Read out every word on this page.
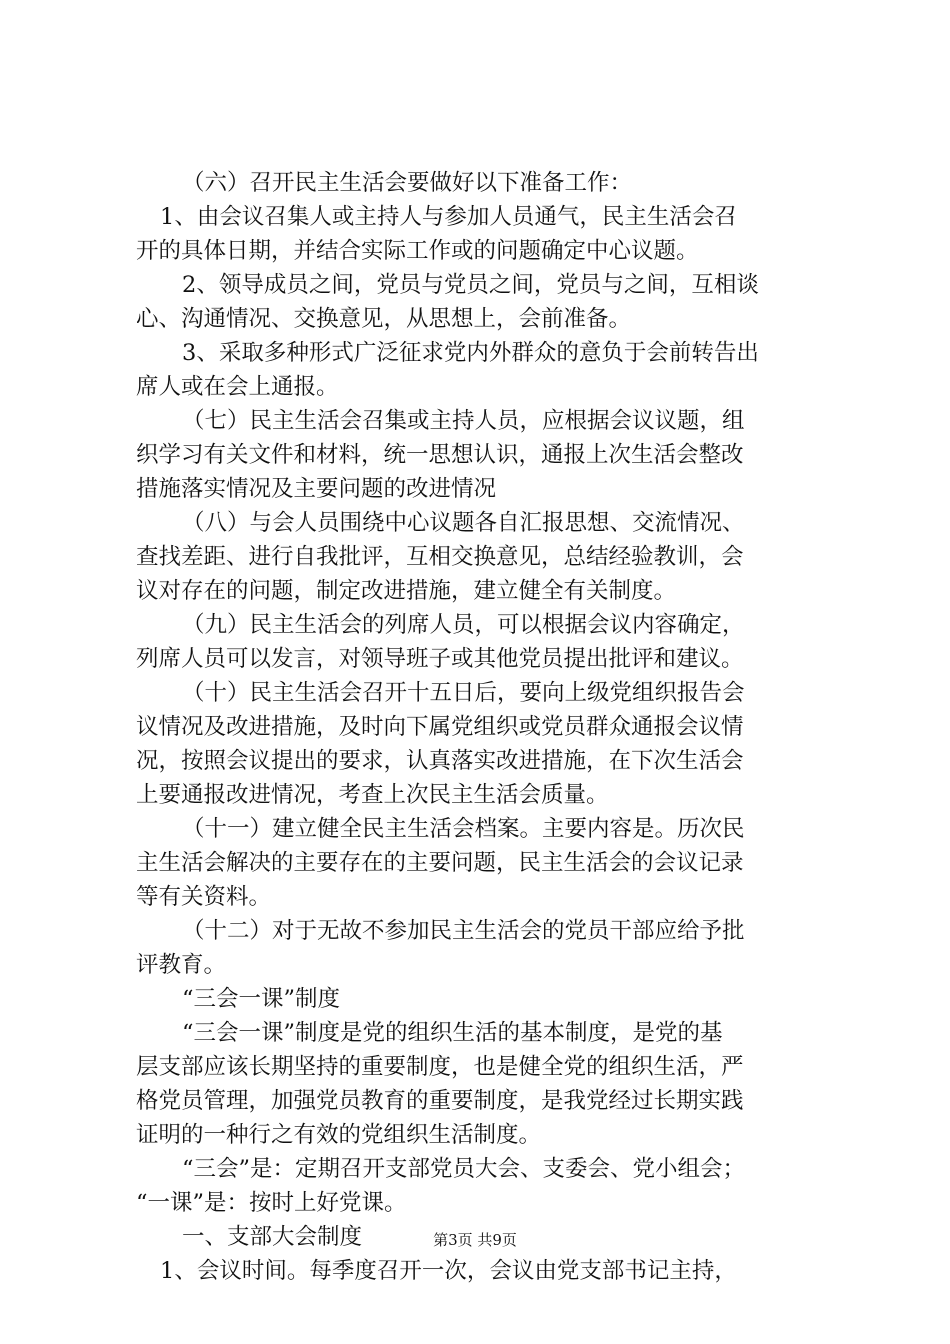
（六）召开民主生活会要做好以下准备工作：
1、由会议召集人或主持人与参加人员通气，民主生活会召
开的具体日期，并结合实际工作或的问题确定中心议题。
2、领导成员之间，党员与党员之间，党员与之间，互相谈
心、沟通情况、交换意见，从思想上，会前准备。
3、采取多种形式广泛征求党内外群众的意负于会前转告出
席人或在会上通报。
（七）民主生活会召集或主持人员，应根据会议议题，组
织学习有关文件和材料，统一思想认识，通报上次生活会整改
措施落实情况及主要问题的改进情况
（八）与会人员围绕中心议题各自汇报思想、交流情况、
查找差距、进行自我批评，互相交换意见，总结经验教训，会
议对存在的问题，制定改进措施，建立健全有关制度。
（九）民主生活会的列席人员，可以根据会议内容确定，
列席人员可以发言，对领导班子或其他党员提出批评和建议。
（十）民主生活会召开十五日后，要向上级党组织报告会
议情况及改进措施，及时向下属党组织或党员群众通报会议情
况，按照会议提出的要求，认真落实改进措施，在下次生活会
上要通报改进情况，考查上次民主生活会质量。
（十一）建立健全民主生活会档案。主要内容是。历次民
主生活会解决的主要存在的主要问题，民主生活会的会议记录
等有关资料。
（十二）对于无故不参加民主生活会的党员干部应给予批
评教育。
“三会一课”制度
“三会一课”制度是党的组织生活的基本制度，是党的基
层支部应该长期坚持的重要制度，也是健全党的组织生活，严
格党员管理，加强党员教育的重要制度，是我党经过长期实践
证明的一种行之有效的党组织生活制度。
“三会”是：定期召开支部党员大会、支委会、党小组会；
“一课”是：按时上好党课。
一、支部大会制度
1、会议时间。每季度召开一次，会议由党支部书记主持，
第3页 共9页
